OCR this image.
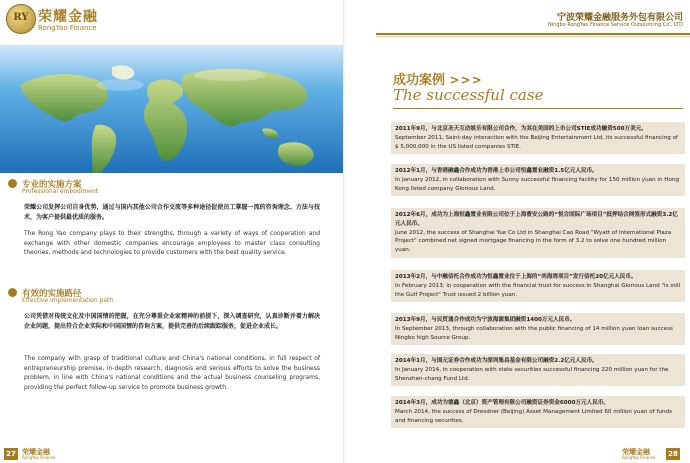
RY 荣耀金融
RongYao Finance
专业的实施方案
Professional embodiment

荣耀公司发挥公司自身优势，通过与国内其他公司合作交流等多种途径促使员工掌握一流的咨询理念、方法与技术，为客户提供最优质的服务。

The Rong Yao company plays to their strengths, through a variety of ways of cooperation and exchange with other domestic companies encourage employees to master class consulting theories, methods and technologies to provide customers with the best quality service.

有效的实施路径
Effective implementation path

公司凭借对传统文化及中国国情的把握，在充分尊重企业家精神的前提下，深入调查研究，认真诊断并着力解决企业问题，提出符合企业实际和中国国情的咨询方案，提供完善的后续跟踪服务，促进企业成长。

The company with grasp of traditional culture and China's national conditions, in full respect of entrepreneurship premise, in-depth research, diagnosis and serious efforts to solve the business problem, in line with China's national conditions and the actual business counseling programs, providing the perfect follow-up service to promote business growth.

27 荣耀金融
RongYao Finance
宁波荣耀金融服务外包有限公司
Ningbo RongYao Finance Service Outsourcing Co., LTD
成功案例 >>>
The successful case

2011年9月，与北京圣天互动娱乐有限公司合作，为其在美国的上市公司STIE成功融资500万美元。

September 2011, Saint-day interaction with the Beijing Entertainment Ltd, its successful financing of $ 5,000,000 in the US listed companies STIE.

2012年1月，与香港融鑫合作成功为香港上市公司恒鑫置业融资1.5亿元人民币。

In January 2012, in collaboration with Sunny successful financing facility for 150 million yuan in Hong Kong listed company Glorious Land.

2012年6月，成功为上海恒鑫置业有限公司位于上海曹安公路的“悦合国际广场项目”抵押结合网签形式融资3.2亿元人民币。

June 2012, the success of Shanghai Yue Co Ltd in Shanghai Cao Road "Wyatt of International Plaza Project" combined net signed mortgage financing in the form of 3.2 to solve one hundred million yuan.

2013年2月，与中融信托合作成功为恒鑫置业位于上海的“尚海湾项目”发行信托20亿元人民币。

In February 2013, in cooperation with the financial trust for success in Shanghai Glorious Land "is still the Gulf Project" Trust issued 2 billion yuan.

2013年9月，与民贸通合作成功为宁波海源集团融资1400万元人民币。

In September 2013, through collaboration with the public financing of 14 million yuan loan success Ningbo high Source Group.

2014年1月，与国元证券合作成功为深圳集昌基金有限公司融资2.2亿元人民币。

In January 2014, in cooperation with state securities successful financing 220 million yuan for the Shenzhen-chang Fund Ltd.

2014年3月，成功为德鑫（北京）资产管理有限公司融资证券资金6000万元人民币。

March 2014, the success of Dresdner (Beijing) Asset Management Limited 60 million yuan of funds and financing securities.

荣耀金融
RongYao Finance	28
